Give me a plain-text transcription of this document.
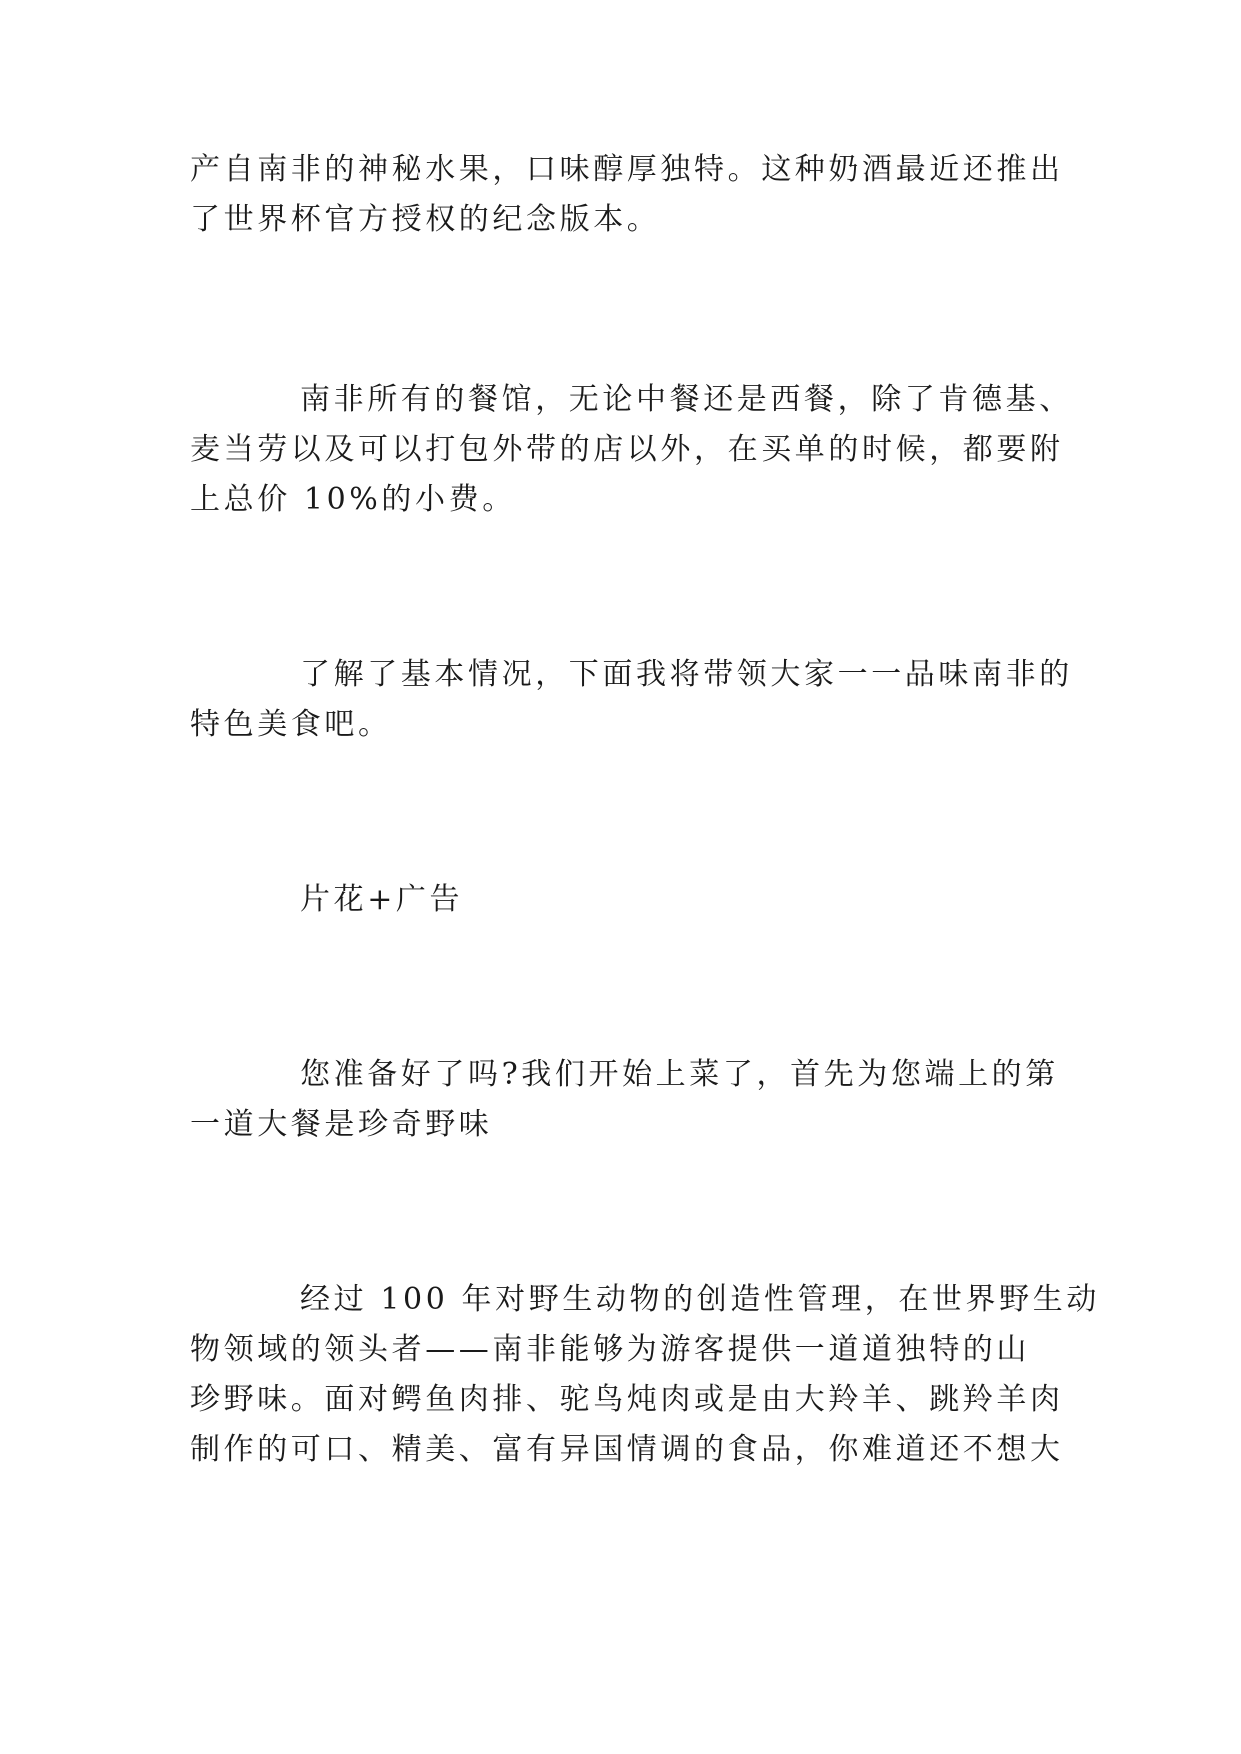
产自南非的神秘水果，口味醇厚独特。这种奶酒最近还推出

了世界杯官方授权的纪念版本。

南非所有的餐馆，无论中餐还是西餐，除了肯德基、

麦当劳以及可以打包外带的店以外，在买单的时候，都要附

上总价 10%的小费。

了解了基本情况，下面我将带领大家一一品味南非的

特色美食吧。

片花+广告

您准备好了吗?我们开始上菜了，首先为您端上的第

一道大餐是珍奇野味

经过 100 年对野生动物的创造性管理，在世界野生动

物领域的领头者——南非能够为游客提供一道道独特的山

珍野味。面对鳄鱼肉排、驼鸟炖肉或是由大羚羊、跳羚羊肉

制作的可口、精美、富有异国情调的食品，你难道还不想大
